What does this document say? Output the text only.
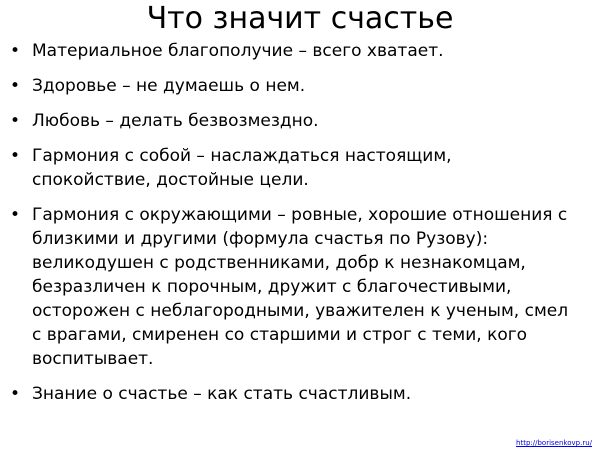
Что значит счастье
• Материальное благополучие – всего хватает.
• Здоровье – не думаешь о нем.
• Любовь – делать безвозмездно.
• Гармония с собой – наслаждаться настоящим, спокойствие, достойные цели.
• Гармония с окружающими – ровные, хорошие отношения с близкими и другими (формула счастья по Рузову): великодушен с родственниками, добр к незнакомцам, безразличен к порочным, дружит с благочестивыми, осторожен с неблагородными, уважителен к ученым, смел с врагами, смиренен со старшими и строг с теми, кого воспитывает.
• Знание о счастье – как стать счастливым.
http://borisenkovp.ru/
